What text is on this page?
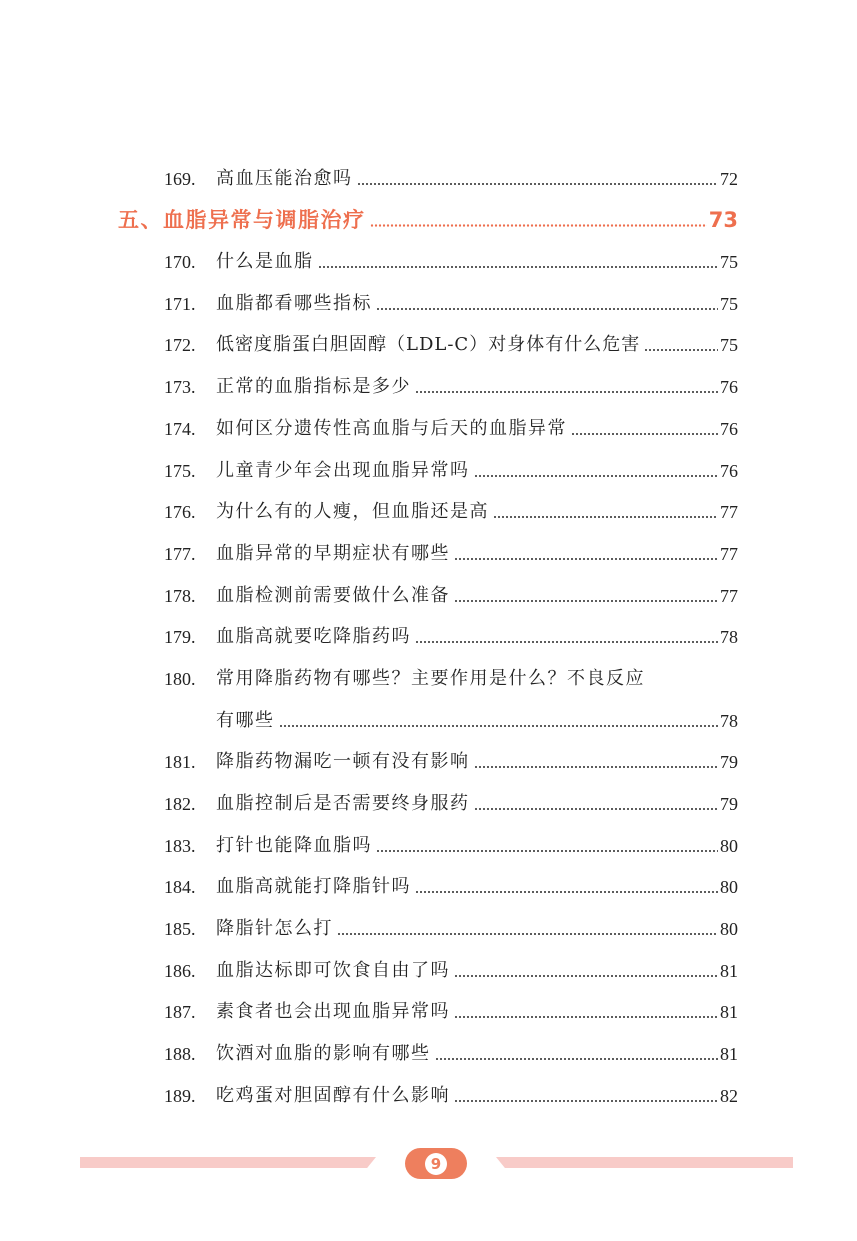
169.	高血压能治愈吗	72
五、血脂异常与调脂治疗	73
170.	什么是血脂	75
171.	血脂都看哪些指标	75
172.	低密度脂蛋白胆固醇（LDL-C）对身体有什么危害	75
173.	正常的血脂指标是多少	76
174.	如何区分遗传性高血脂与后天的血脂异常	76
175.	儿童青少年会出现血脂异常吗	76
176.	为什么有的人瘦，但血脂还是高	77
177.	血脂异常的早期症状有哪些	77
178.	血脂检测前需要做什么准备	77
179.	血脂高就要吃降脂药吗	78
180.	常用降脂药物有哪些？主要作用是什么？不良反应
有哪些	78
181.	降脂药物漏吃一顿有没有影响	79
182.	血脂控制后是否需要终身服药	79
183.	打针也能降血脂吗	80
184.	血脂高就能打降脂针吗	80
185.	降脂针怎么打	80
186.	血脂达标即可饮食自由了吗	81
187.	素食者也会出现血脂异常吗	81
188.	饮酒对血脂的影响有哪些	81
189.	吃鸡蛋对胆固醇有什么影响	82
9
